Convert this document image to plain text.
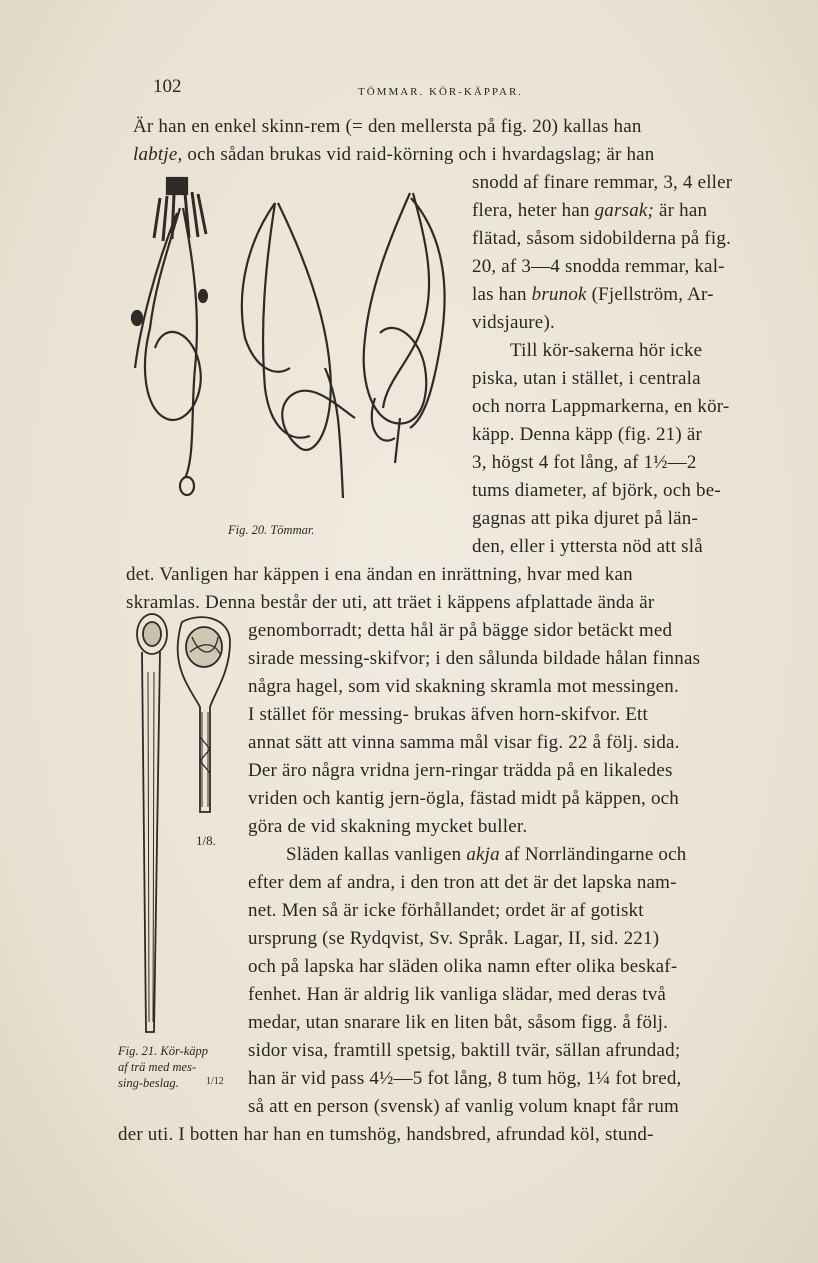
102	TÖMMAR. KÖR-KÄPPAR.
Fig. 20. Tömmar.
1/8.
Fig. 21. Kör-käpp
af trä med mes-
sing-beslag.	1/12
Är han en enkel skinn-rem (= den mellersta på fig. 20) kallas han
labtje, och sådan brukas vid raid-körning och i hvardagslag; är han
snodd af finare remmar, 3, 4 eller
flera, heter han garsak; är han
flätad, såsom sidobilderna på fig.
20, af 3—4 snodda remmar, kal-
las han brunok (Fjellström, Ar-
vidsjaure).
Till kör-sakerna hör icke
piska, utan i stället, i centrala
och norra Lappmarkerna, en kör-
käpp. Denna käpp (fig. 21) är
3, högst 4 fot lång, af 1½—2
tums diameter, af björk, och be-
gagnas att pika djuret på län-
den, eller i yttersta nöd att slå
det. Vanligen har käppen i ena ändan en inrättning, hvar med kan
skramlas. Denna består der uti, att träet i käppens afplattade ända är
genomborradt; detta hål är på bägge sidor betäckt med
sirade messing-skifvor; i den sålunda bildade hålan finnas
några hagel, som vid skakning skramla mot messingen.
I stället för messing- brukas äfven horn-skifvor. Ett
annat sätt att vinna samma mål visar fig. 22 å följ. sida.
Der äro några vridna jern-ringar trädda på en likaledes
vriden och kantig jern-ögla, fästad midt på käppen, och
göra de vid skakning mycket buller.
Släden kallas vanligen akja af Norrländingarne och
efter dem af andra, i den tron att det är det lapska nam-
net. Men så är icke förhållandet; ordet är af gotiskt
ursprung (se Rydqvist, Sv. Språk. Lagar, II, sid. 221)
och på lapska har släden olika namn efter olika beskaf-
fenhet. Han är aldrig lik vanliga slädar, med deras två
medar, utan snarare lik en liten båt, såsom figg. å följ.
sidor visa, framtill spetsig, baktill tvär, sällan afrundad;
han är vid pass 4½—5 fot lång, 8 tum hög, 1¼ fot bred,
så att en person (svensk) af vanlig volum knapt får rum
der uti. I botten har han en tumshög, handsbred, afrundad köl, stund-
